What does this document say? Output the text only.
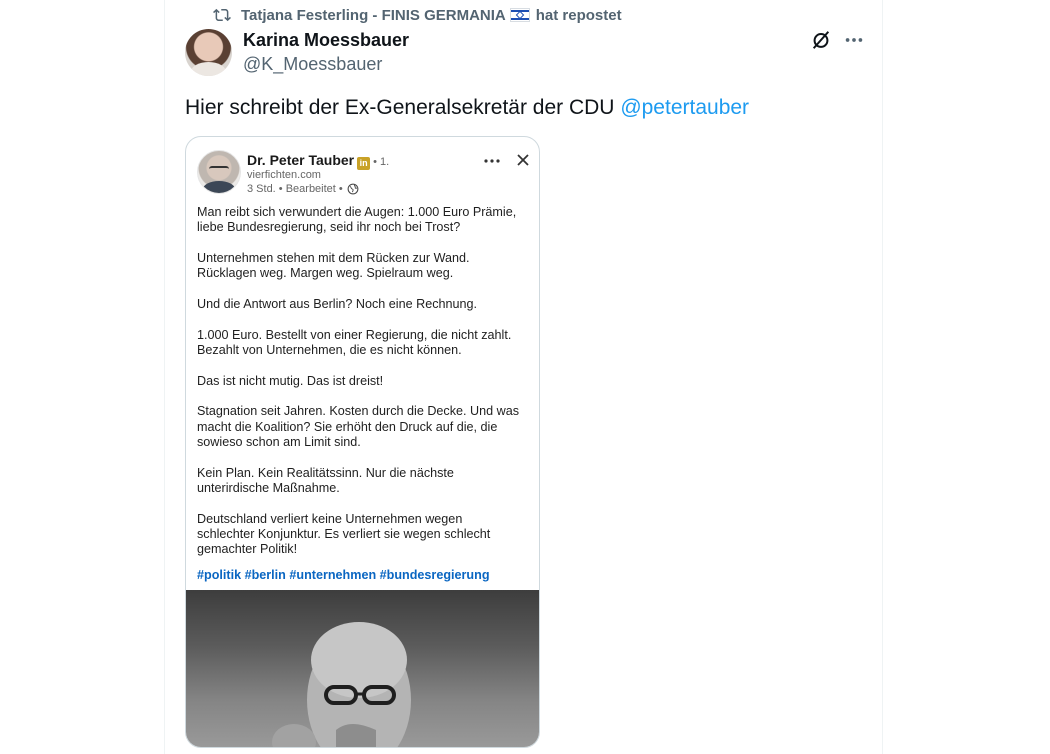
Tatjana Festerling - FINIS GERMANIA hat repostet
Karina Moessbauer
@K_Moessbauer
Hier schreibt der Ex-Generalsekretär der CDU @petertauber
Dr. Peter Tauber in • 1.
vierfichten.com
3 Std. • Bearbeitet •

Man reibt sich verwundert die Augen: 1.000 Euro Prämie,
liebe Bundesregierung, seid ihr noch bei Trost?

Unternehmen stehen mit dem Rücken zur Wand.
Rücklagen weg. Margen weg. Spielraum weg.

Und die Antwort aus Berlin? Noch eine Rechnung.

1.000 Euro. Bestellt von einer Regierung, die nicht zahlt.
Bezahlt von Unternehmen, die es nicht können.

Das ist nicht mutig. Das ist dreist!

Stagnation seit Jahren. Kosten durch die Decke. Und was
macht die Koalition? Sie erhöht den Druck auf die, die
sowieso schon am Limit sind.

Kein Plan. Kein Realitätssinn. Nur die nächste
unterirdische Maßnahme.

Deutschland verliert keine Unternehmen wegen
schlechter Konjunktur. Es verliert sie wegen schlecht
gemachter Politik!

#politik #berlin #unternehmen #bundesregierung
